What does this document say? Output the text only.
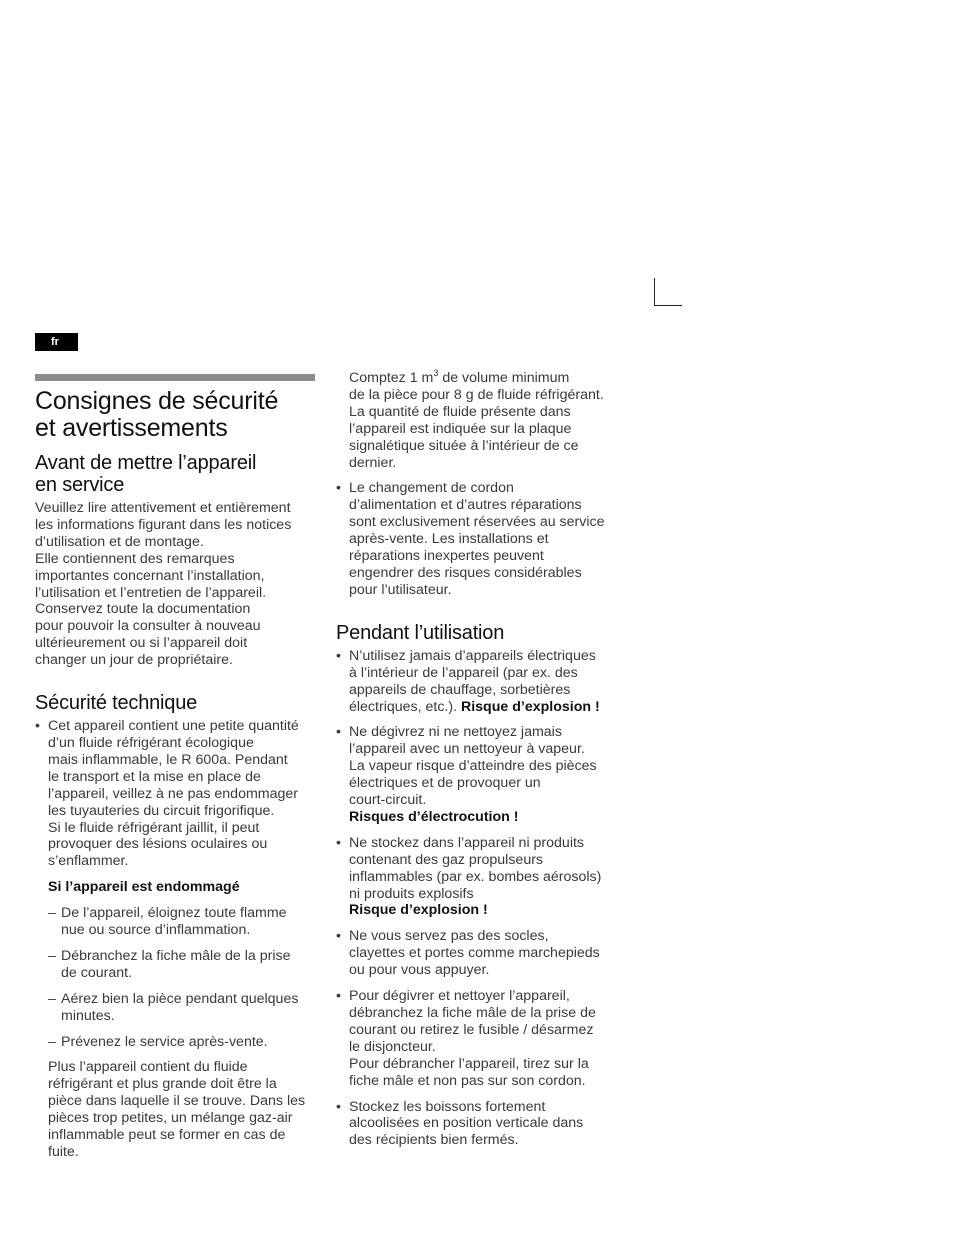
fr
Consignes de sécurité
et avertissements
Avant de mettre l’appareil
en service

Veuillez lire attentivement et entièrement
les informations figurant dans les notices
d’utilisation et de montage.
Elle contiennent des remarques
importantes concernant l’installation,
l’utilisation et l’entretien de l’appareil.
Conservez toute la documentation
pour pouvoir la consulter à nouveau
ultérieurement ou si l’appareil doit
changer un jour de propriétaire.

Sécurité technique
• Cet appareil contient une petite quantité
d’un fluide réfrigérant écologique
mais inflammable, le R 600a. Pendant
le transport et la mise en place de
l’appareil, veillez à ne pas endommager
les tuyauteries du circuit frigorifique.
Si le fluide réfrigérant jaillit, il peut
provoquer des lésions oculaires ou
s’enflammer.
Si l’appareil est endommagé
– De l’appareil, éloignez toute flamme
nue ou source d’inflammation.
– Débranchez la fiche mâle de la prise
de courant.
– Aérez bien la pièce pendant quelques
minutes.
– Prévenez le service après-vente.

Plus l’appareil contient du fluide
réfrigérant et plus grande doit être la
pièce dans laquelle il se trouve. Dans les
pièces trop petites, un mélange gaz-air
inflammable peut se former en cas de
fuite.

Comptez 1 $m^3$ de volume minimum
de la pièce pour 8 g de fluide réfrigérant.
La quantité de fluide présente dans
l’appareil est indiquée sur la plaque
signalétique située à l’intérieur de ce
dernier.

• Le changement de cordon
d’alimentation et d’autres réparations
sont exclusivement réservées au service
après-vente. Les installations et
réparations inexpertes peuvent
engendrer des risques considérables
pour l’utilisateur.
Pendant l’utilisation
• N’utilisez jamais d’appareils électriques
à l’intérieur de l’appareil (par ex. des
appareils de chauffage, sorbetières
électriques, etc.). Risque d’explosion !
• Ne dégivrez ni ne nettoyez jamais
l’appareil avec un nettoyeur à vapeur.
La vapeur risque d’atteindre des pièces
électriques et de provoquer un
court-circuit.
Risques d’électrocution !
• Ne stockez dans l’appareil ni produits
contenant des gaz propulseurs
inflammables (par ex. bombes aérosols)
ni produits explosifs
Risque d’explosion !
• Ne vous servez pas des socles,
clayettes et portes comme marchepieds
ou pour vous appuyer.
• Pour dégivrer et nettoyer l’appareil,
débranchez la fiche mâle de la prise de
courant ou retirez le fusible / désarmez
le disjoncteur.
Pour débrancher l’appareil, tirez sur la
fiche mâle et non pas sur son cordon.
• Stockez les boissons fortement
alcoolisées en position verticale dans
des récipients bien fermés.
